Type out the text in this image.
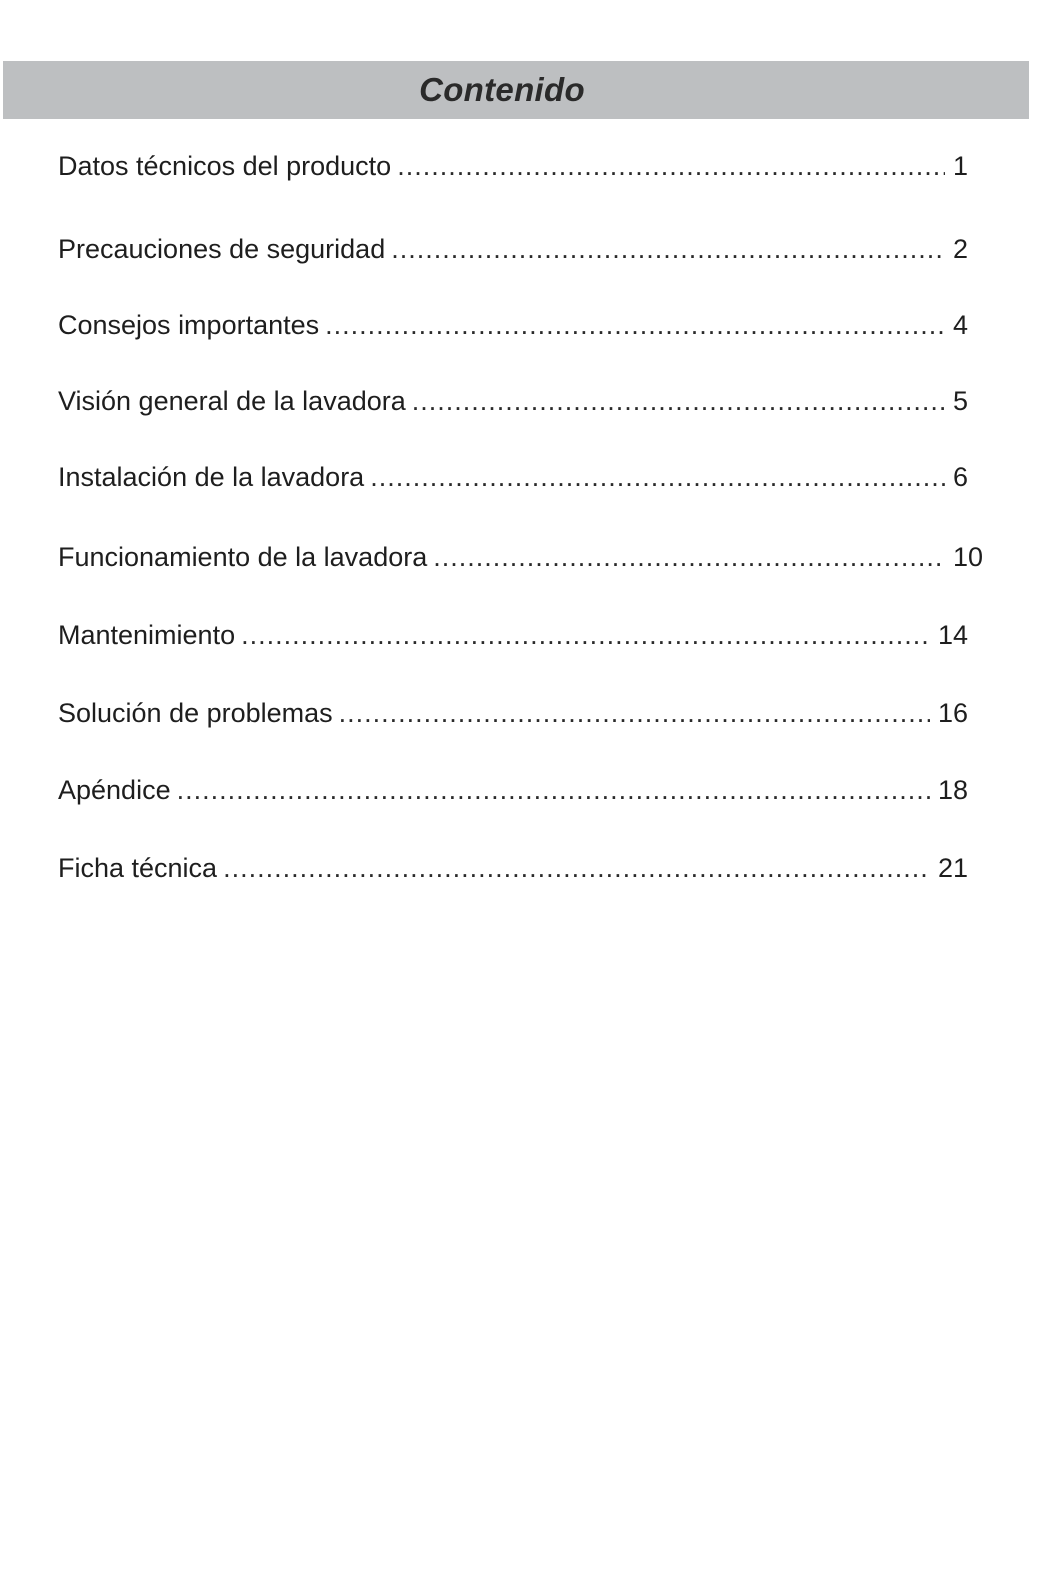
Contenido
Datos técnicos del producto .....	1
Precauciones de seguridad .....	2
Consejos importantes .....	4
Visión general de la lavadora .....	5
Instalación de la lavadora .....	6
Funcionamiento de la lavadora .....	10
Mantenimiento .....	14
Solución de problemas .....	16
Apéndice .....	18
Ficha técnica .....	21
